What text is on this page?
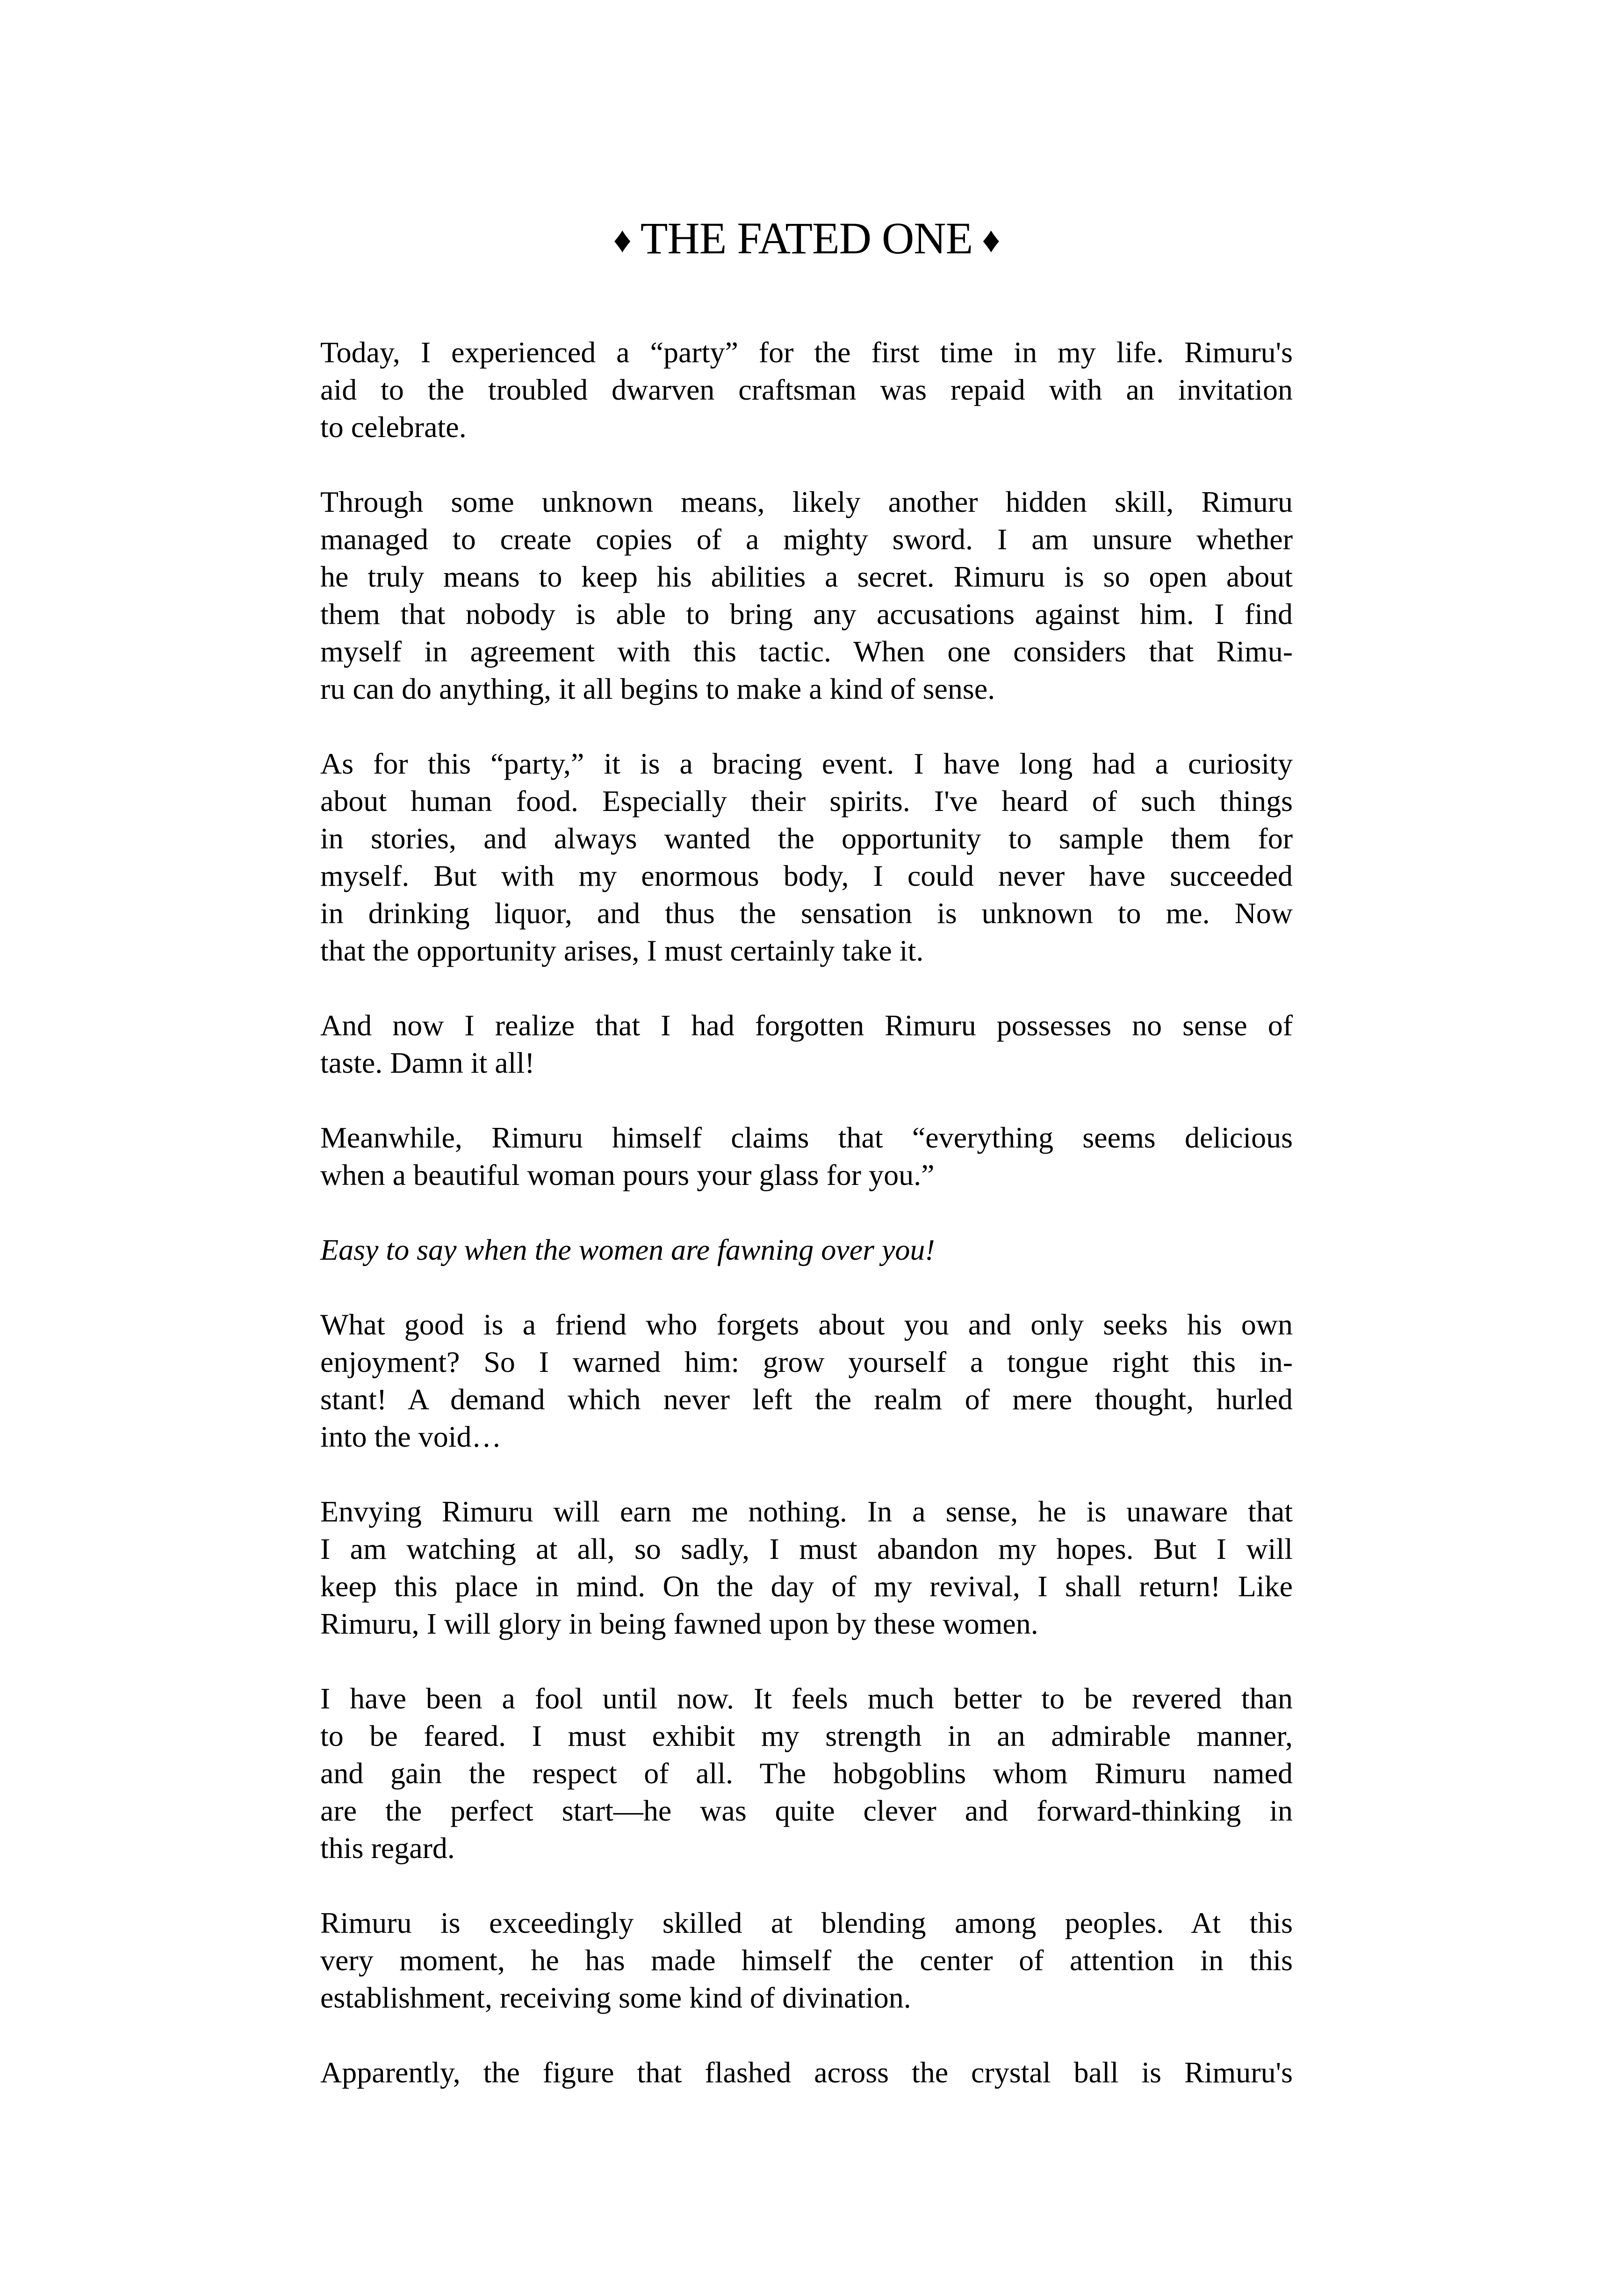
♦ THE FATED ONE ♦
Today, I experienced a “party” for the first time in my life. Rimuru's
aid to the troubled dwarven craftsman was repaid with an invitation
to celebrate.
Through some unknown means, likely another hidden skill, Rimuru
managed to create copies of a mighty sword. I am unsure whether
he truly means to keep his abilities a secret. Rimuru is so open about
them that nobody is able to bring any accusations against him. I find
myself in agreement with this tactic. When one considers that Rimu-
ru can do anything, it all begins to make a kind of sense.
As for this “party,” it is a bracing event. I have long had a curiosity
about human food. Especially their spirits. I've heard of such things
in stories, and always wanted the opportunity to sample them for
myself. But with my enormous body, I could never have succeeded
in drinking liquor, and thus the sensation is unknown to me. Now
that the opportunity arises, I must certainly take it.
And now I realize that I had forgotten Rimuru possesses no sense of
taste. Damn it all!
Meanwhile, Rimuru himself claims that “everything seems delicious
when a beautiful woman pours your glass for you.”
Easy to say when the women are fawning over you!
What good is a friend who forgets about you and only seeks his own
enjoyment? So I warned him: grow yourself a tongue right this in-
stant! A demand which never left the realm of mere thought, hurled
into the void…
Envying Rimuru will earn me nothing. In a sense, he is unaware that
I am watching at all, so sadly, I must abandon my hopes. But I will
keep this place in mind. On the day of my revival, I shall return! Like
Rimuru, I will glory in being fawned upon by these women.
I have been a fool until now. It feels much better to be revered than
to be feared. I must exhibit my strength in an admirable manner,
and gain the respect of all. The hobgoblins whom Rimuru named
are the perfect start—he was quite clever and forward-thinking in
this regard.
Rimuru is exceedingly skilled at blending among peoples. At this
very moment, he has made himself the center of attention in this
establishment, receiving some kind of divination.
Apparently, the figure that flashed across the crystal ball is Rimuru's
